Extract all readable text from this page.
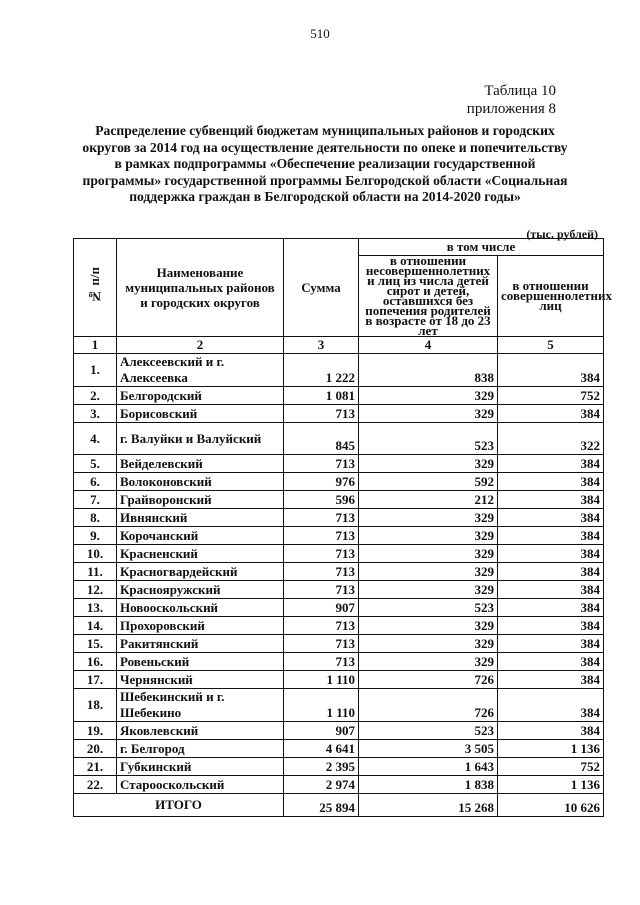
510
Таблица 10
приложения 8
Распределение субвенций бюджетам муниципальных районов и городских округов за 2014 год на осуществление деятельности по опеке и попечительству в рамках подпрограммы «Обеспечение реализации государственной программы» государственной программы Белгородской области «Социальная поддержка граждан в Белгородской области на 2014-2020 годы»
(тыс. рублей)
№ п/п	Наименование муниципальных районов и городских округов	Сумма	в том числе	
			в отношении несовершеннолетних и лиц из числа детей сирот и детей, оставшихся без попечения родителей в возрасте от 18 до 23 лет	в отношении совершеннолетних лиц
1	2	3	4	5
1.	Алексеевский и г. Алексеевка	1 222	838	384
2.	Белгородский	1 081	329	752
3.	Борисовский	713	329	384
4.	г. Валуйки и Валуйский	845	523	322
5.	Вейделевский	713	329	384
6.	Волоконовский	976	592	384
7.	Грайворонский	596	212	384
8.	Ивнянский	713	329	384
9.	Корочанский	713	329	384
10.	Красненский	713	329	384
11.	Красногвардейский	713	329	384
12.	Краснояружский	713	329	384
13.	Новооскольский	907	523	384
14.	Прохоровский	713	329	384
15.	Ракитянский	713	329	384
16.	Ровеньский	713	329	384
17.	Чернянский	1 110	726	384
18.	Шебекинский и г. Шебекино	1 110	726	384
19.	Яковлевский	907	523	384
20.	г. Белгород	4 641	3 505	1 136
21.	Губкинский	2 395	1 643	752
22.	Старооскольский	2 974	1 838	1 136
ИТОГО		25 894	15 268	10 626
